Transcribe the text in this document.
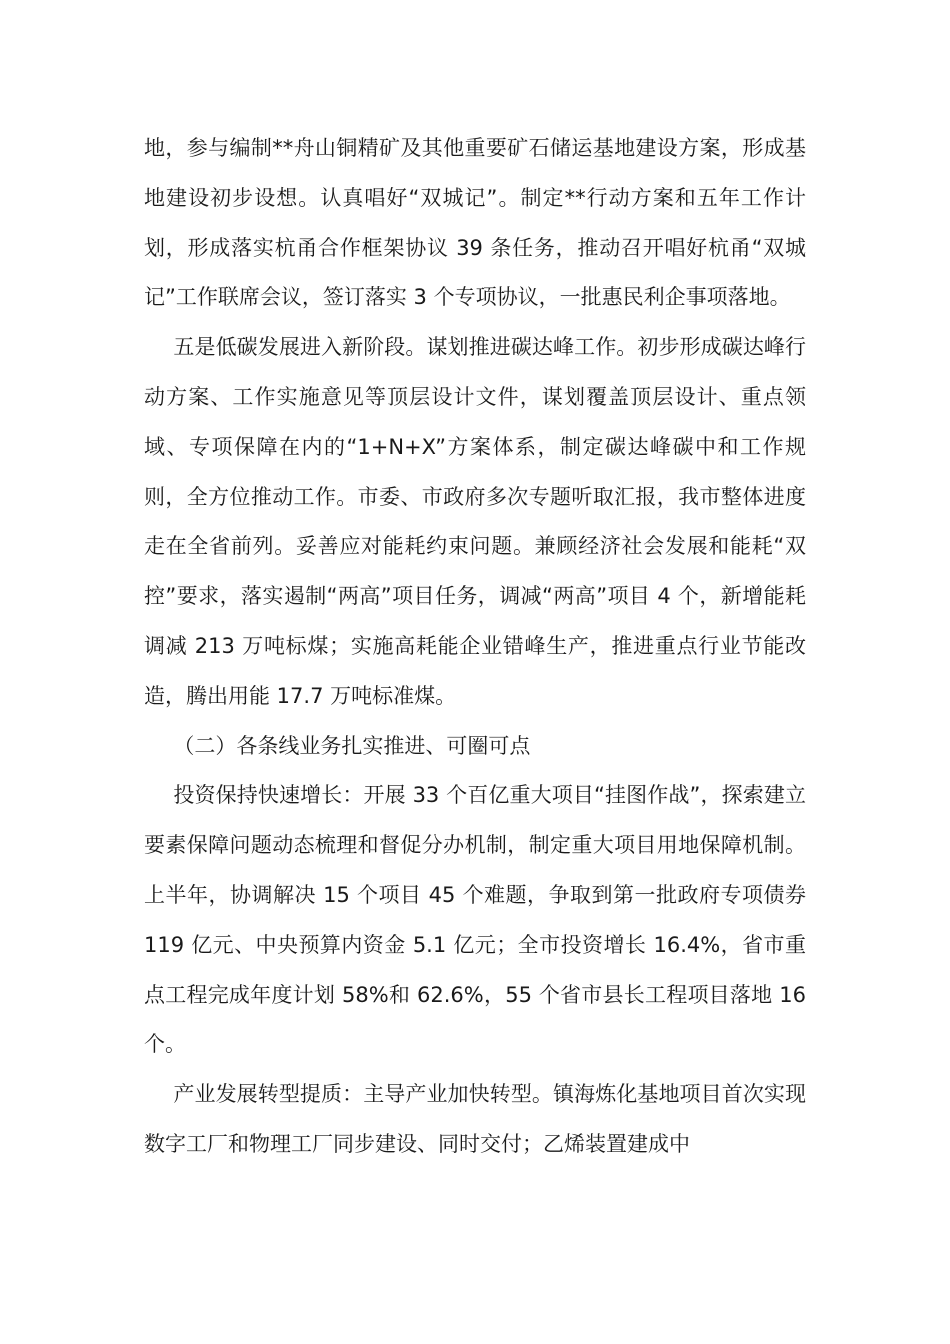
地，参与编制**舟山铜精矿及其他重要矿石储运基地建设方案，形成基地建设初步设想。认真唱好“双城记”。制定**行动方案和五年工作计划，形成落实杭甬合作框架协议 39 条任务，推动召开唱好杭甬“双城记”工作联席会议，签订落实 3 个专项协议，一批惠民利企事项落地。

五是低碳发展进入新阶段。谋划推进碳达峰工作。初步形成碳达峰行动方案、工作实施意见等顶层设计文件，谋划覆盖顶层设计、重点领域、专项保障在内的“1+N+X”方案体系，制定碳达峰碳中和工作规则，全方位推动工作。市委、市政府多次专题听取汇报，我市整体进度走在全省前列。妥善应对能耗约束问题。兼顾经济社会发展和能耗“双控”要求，落实遏制“两高”项目任务，调减“两高”项目 4 个，新增能耗调减 213 万吨标煤；实施高耗能企业错峰生产，推进重点行业节能改造，腾出用能 17.7 万吨标准煤。

（二）各条线业务扎实推进、可圈可点

投资保持快速增长：开展 33 个百亿重大项目“挂图作战”，探索建立要素保障问题动态梳理和督促分办机制，制定重大项目用地保障机制。上半年，协调解决 15 个项目 45 个难题，争取到第一批政府专项债券 119 亿元、中央预算内资金 5.1 亿元；全市投资增长 16.4%，省市重点工程完成年度计划 58%和 62.6%，55 个省市县长工程项目落地 16 个。

产业发展转型提质：主导产业加快转型。镇海炼化基地项目首次实现数字工厂和物理工厂同步建设、同时交付；乙烯装置建成中
